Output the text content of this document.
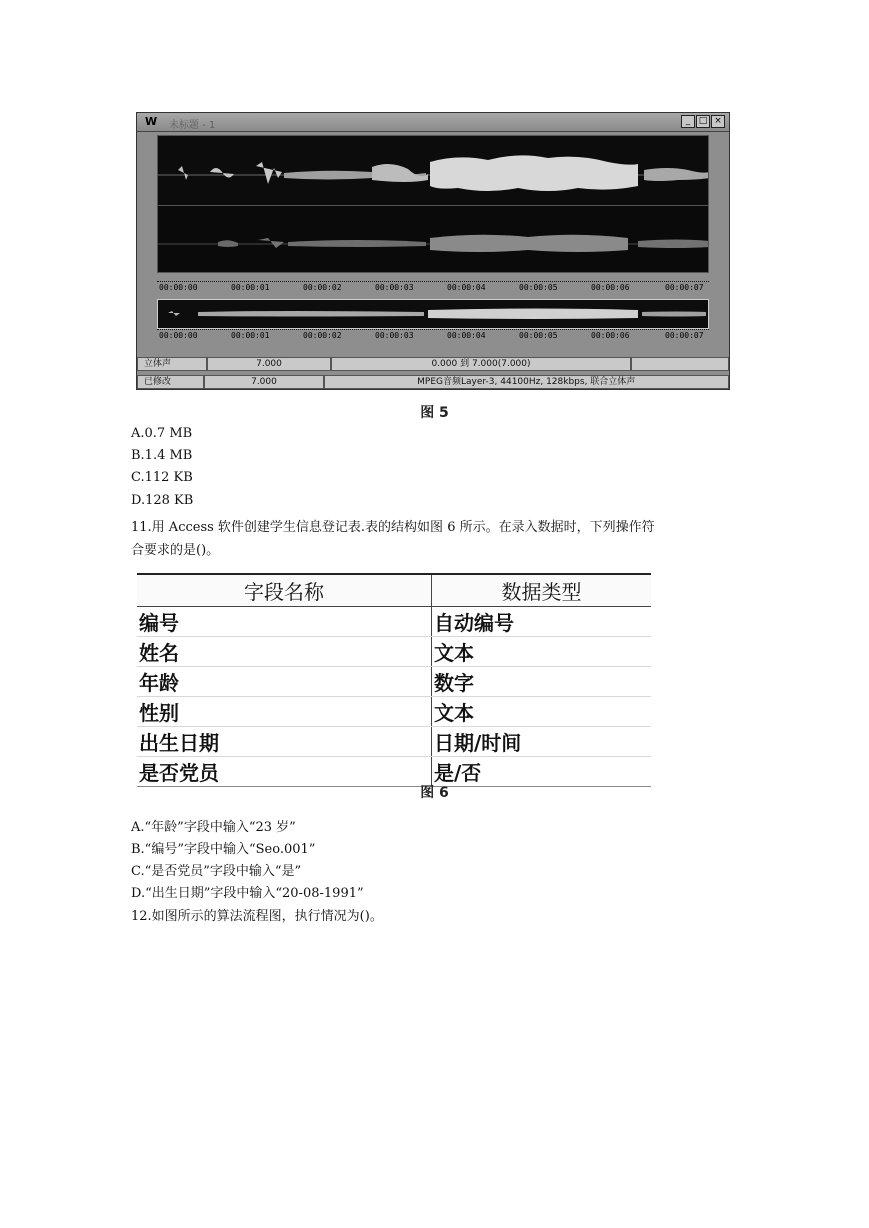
W 未标题 - 1	_ □ ×
00:00:00	00:00:01	00:00:02	00:00:03	00:00:04	00:00:05	00:00:06	00:00:07
00:00:00	00:00:01	00:00:02	00:00:03	00:00:04	00:00:05	00:00:06	00:00:07
立体声	7.000	0.000 到 7.000(7.000)
已修改	7.000	MPEG音频Layer-3, 44100Hz, 128kbps, 联合立体声
图 5
A.0.7 MB
B.1.4 MB
C.112 KB
D.128 KB
11.用 Access 软件创建学生信息登记表.表的结构如图 6 所示。在录入数据时，下列操作符
合要求的是()。
字段名称	数据类型
编号	自动编号
姓名	文本
年龄	数字
性别	文本
出生日期	日期/时间
是否党员	是/否
图 6
A.“年龄”字段中输入“23 岁”
B.“编号”字段中输入“Seo.001”
C.“是否党员”字段中输入“是”
D.“出生日期”字段中输入“20-08-1991”
12.如图所示的算法流程图，执行情况为()。
